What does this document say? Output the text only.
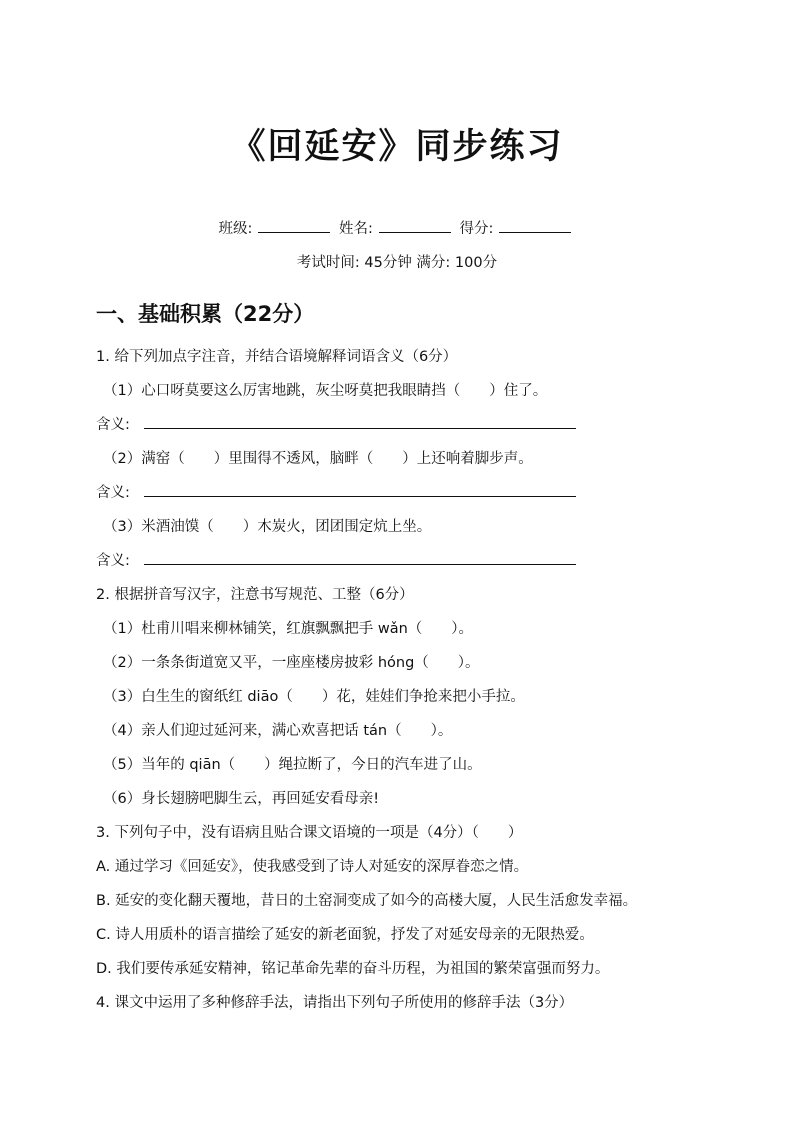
《回延安》同步练习
班级:	姓名:	得分:
考试时间: 45分钟 满分: 100分
一、基础积累（22分）
1. 给下列加点字注音，并结合语境解释词语含义（6分）
（1）心口呀莫要这么厉害地跳，灰尘呀莫把我眼睛挡（　　）住了。
含义:
（2）满窑（　　）里围得不透风，脑畔（　　）上还响着脚步声。
含义:
（3）米酒油馍（　　）木炭火，团团围定炕上坐。
含义:
2. 根据拼音写汉字，注意书写规范、工整（6分）
（1）杜甫川唱来柳林铺笑，红旗飘飘把手 wǎn（　　）。
（2）一条条街道宽又平，一座座楼房披彩 hóng（　　）。
（3）白生生的窗纸红 diāo（　　）花，娃娃们争抢来把小手拉。
（4）亲人们迎过延河来，满心欢喜把话 tán（　　）。
（5）当年的 qiān（　　）绳拉断了，今日的汽车进了山。
（6）身长翅膀吧脚生云，再回延安看母亲!
3. 下列句子中，没有语病且贴合课文语境的一项是（4分）（　　）
A. 通过学习《回延安》，使我感受到了诗人对延安的深厚眷恋之情。
B. 延安的变化翻天覆地，昔日的土窑洞变成了如今的高楼大厦，人民生活愈发幸福。
C. 诗人用质朴的语言描绘了延安的新老面貌，抒发了对延安母亲的无限热爱。
D. 我们要传承延安精神，铭记革命先辈的奋斗历程，为祖国的繁荣富强而努力。
4. 课文中运用了多种修辞手法，请指出下列句子所使用的修辞手法（3分）
